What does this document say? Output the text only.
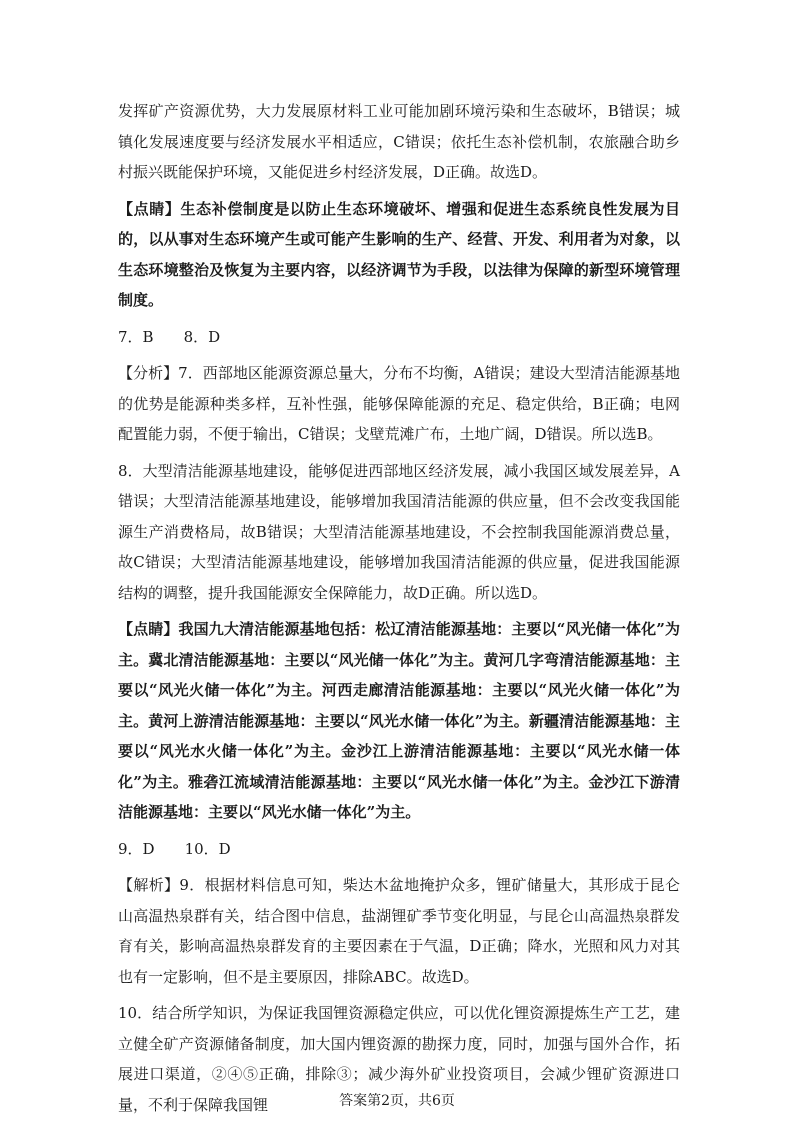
发挥矿产资源优势，大力发展原材料工业可能加剧环境污染和生态破坏，B错误；城镇化发展速度要与经济发展水平相适应，C错误；依托生态补偿机制，农旅融合助乡村振兴既能保护环境，又能促进乡村经济发展，D正确。故选D。

【点睛】生态补偿制度是以防止生态环境破坏、增强和促进生态系统良性发展为目的，以从事对生态环境产生或可能产生影响的生产、经营、开发、利用者为对象，以生态环境整治及恢复为主要内容，以经济调节为手段，以法律为保障的新型环境管理制度。

7．B　　8．D

【分析】7．西部地区能源资源总量大，分布不均衡，A错误；建设大型清洁能源基地的优势是能源种类多样，互补性强，能够保障能源的充足、稳定供给，B正确；电网配置能力弱，不便于输出，C错误；戈壁荒滩广布，土地广阔，D错误。所以选B。

8．大型清洁能源基地建设，能够促进西部地区经济发展，减小我国区域发展差异，A错误；大型清洁能源基地建设，能够增加我国清洁能源的供应量，但不会改变我国能源生产消费格局，故B错误；大型清洁能源基地建设，不会控制我国能源消费总量，故C错误；大型清洁能源基地建设，能够增加我国清洁能源的供应量，促进我国能源结构的调整，提升我国能源安全保障能力，故D正确。所以选D。

【点睛】我国九大清洁能源基地包括：松辽清洁能源基地：主要以“风光储一体化”为主。冀北清洁能源基地：主要以“风光储一体化”为主。黄河几字弯清洁能源基地：主要以“风光火储一体化”为主。河西走廊清洁能源基地：主要以“风光火储一体化”为主。黄河上游清洁能源基地：主要以“风光水储一体化”为主。新疆清洁能源基地：主要以“风光水火储一体化”为主。金沙江上游清洁能源基地：主要以“风光水储一体化”为主。雅砻江流域清洁能源基地：主要以“风光水储一体化”为主。金沙江下游清洁能源基地：主要以“风光水储一体化”为主。

9．D　　10．D

【解析】9．根据材料信息可知，柴达木盆地掩护众多，锂矿储量大，其形成于昆仑山高温热泉群有关，结合图中信息，盐湖锂矿季节变化明显，与昆仑山高温热泉群发育有关，影响高温热泉群发育的主要因素在于气温，D正确；降水，光照和风力对其也有一定影响，但不是主要原因，排除ABC。故选D。

10．结合所学知识，为保证我国锂资源稳定供应，可以优化锂资源提炼生产工艺，建立健全矿产资源储备制度，加大国内锂资源的勘探力度，同时，加强与国外合作，拓展进口渠道，②④⑤正确，排除③；减少海外矿业投资项目，会减少锂矿资源进口量，不利于保障我国锂	答案第2页，共6页
